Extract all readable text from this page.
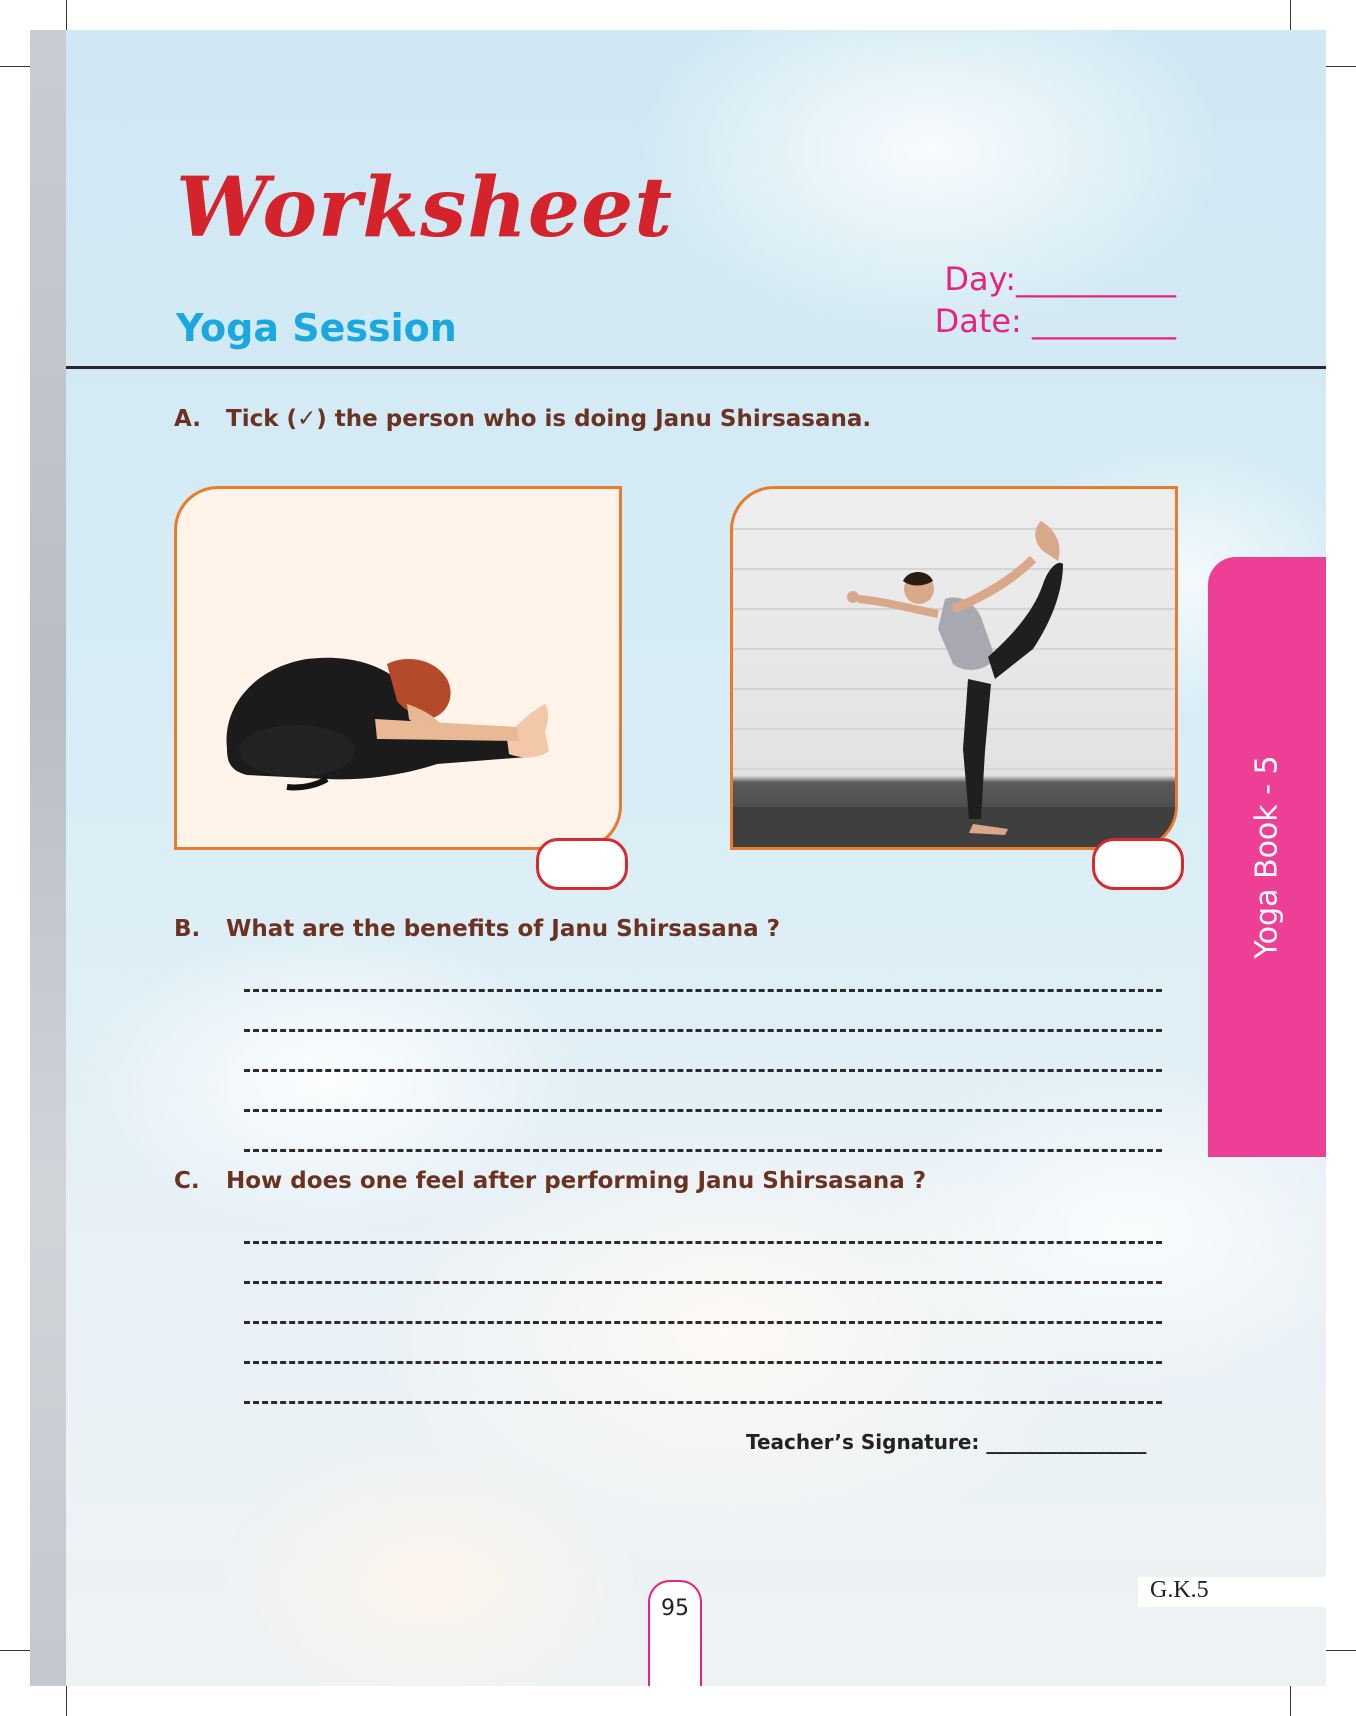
Worksheet
Yoga Session
Day:__________
Date: _________
A. Tick (✓) the person who is doing Janu Shirsasana.
B. What are the benefits of Janu Shirsasana ?
C. How does one feel after performing Janu Shirsasana ?
Teacher’s Signature: ________________
Yoga Book - 5
95
G.K.5
